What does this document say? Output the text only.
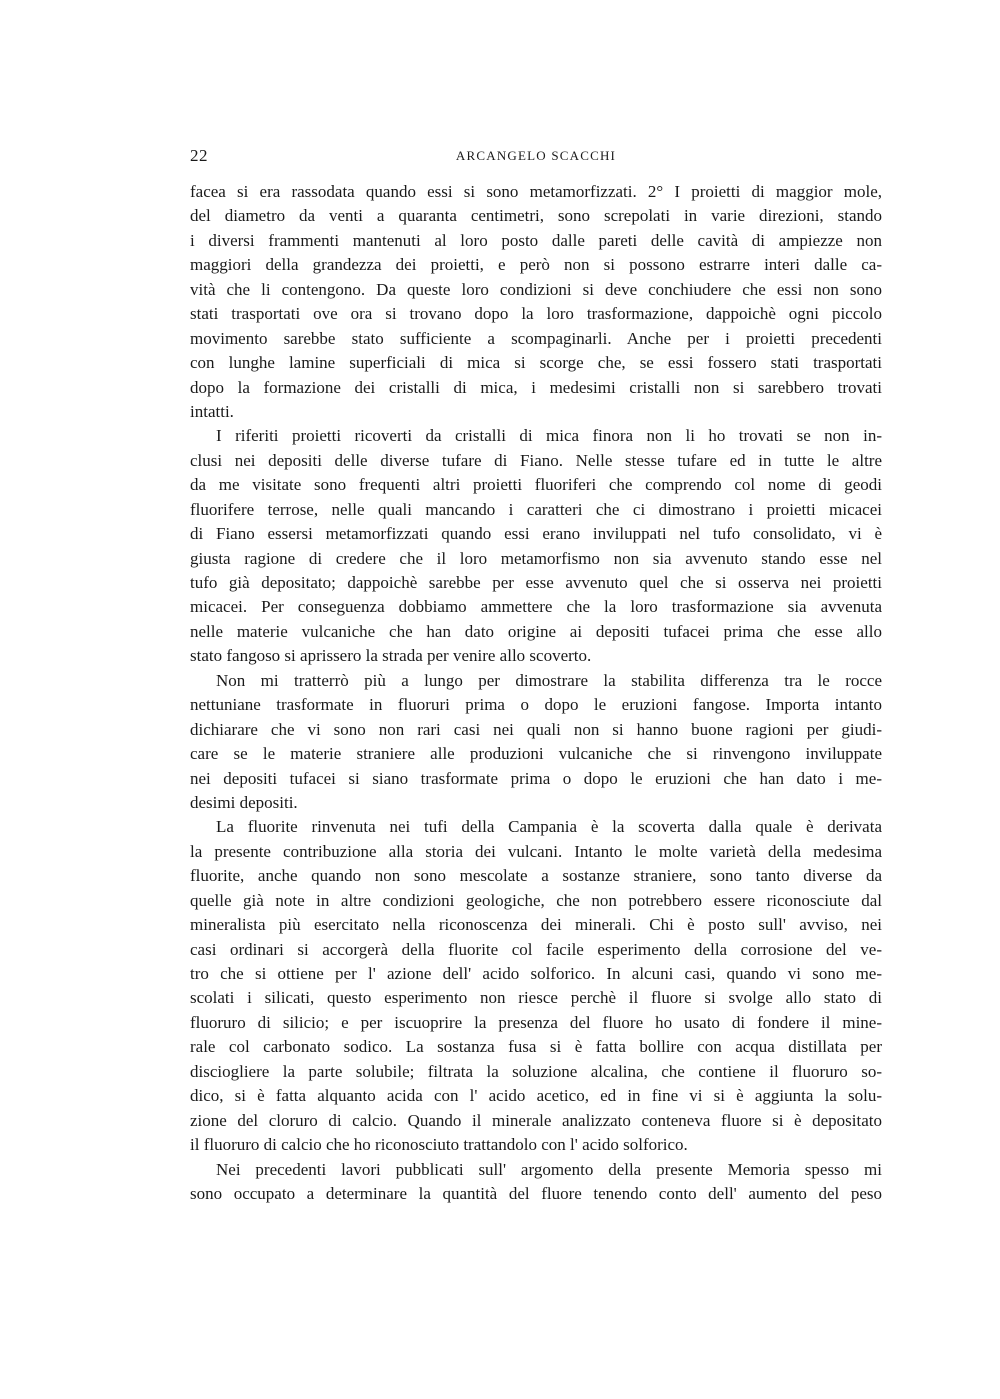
22	ARCANGELO SCACCHI
facea si era rassodata quando essi si sono metamorfizzati. 2° I proietti di maggior mole,
del diametro da venti a quaranta centimetri, sono screpolati in varie direzioni, stando
i diversi frammenti mantenuti al loro posto dalle pareti delle cavità di ampiezze non
maggiori della grandezza dei proietti, e però non si possono estrarre interi dalle ca-
vità che li contengono. Da queste loro condizioni si deve conchiudere che essi non sono
stati trasportati ove ora si trovano dopo la loro trasformazione, dappoichè ogni piccolo
movimento sarebbe stato sufficiente a scompaginarli. Anche per i proietti precedenti
con lunghe lamine superficiali di mica si scorge che, se essi fossero stati trasportati
dopo la formazione dei cristalli di mica, i medesimi cristalli non si sarebbero trovati
intatti.
I riferiti proietti ricoverti da cristalli di mica finora non li ho trovati se non in-
clusi nei depositi delle diverse tufare di Fiano. Nelle stesse tufare ed in tutte le altre
da me visitate sono frequenti altri proietti fluoriferi che comprendo col nome di geodi
fluorifere terrose, nelle quali mancando i caratteri che ci dimostrano i proietti micacei
di Fiano essersi metamorfizzati quando essi erano inviluppati nel tufo consolidato, vi è
giusta ragione di credere che il loro metamorfismo non sia avvenuto stando esse nel
tufo già depositato; dappoichè sarebbe per esse avvenuto quel che si osserva nei proietti
micacei. Per conseguenza dobbiamo ammettere che la loro trasformazione sia avvenuta
nelle materie vulcaniche che han dato origine ai depositi tufacei prima che esse allo
stato fangoso si aprissero la strada per venire allo scoverto.
Non mi tratterrò più a lungo per dimostrare la stabilita differenza tra le rocce
nettuniane trasformate in fluoruri prima o dopo le eruzioni fangose. Importa intanto
dichiarare che vi sono non rari casi nei quali non si hanno buone ragioni per giudi-
care se le materie straniere alle produzioni vulcaniche che si rinvengono inviluppate
nei depositi tufacei si siano trasformate prima o dopo le eruzioni che han dato i me-
desimi depositi.
La fluorite rinvenuta nei tufi della Campania è la scoverta dalla quale è derivata
la presente contribuzione alla storia dei vulcani. Intanto le molte varietà della medesima
fluorite, anche quando non sono mescolate a sostanze straniere, sono tanto diverse da
quelle già note in altre condizioni geologiche, che non potrebbero essere riconosciute dal
mineralista più esercitato nella riconoscenza dei minerali. Chi è posto sull' avviso, nei
casi ordinari si accorgerà della fluorite col facile esperimento della corrosione del ve-
tro che si ottiene per l' azione dell' acido solforico. In alcuni casi, quando vi sono me-
scolati i silicati, questo esperimento non riesce perchè il fluore si svolge allo stato di
fluoruro di silicio; e per iscuoprire la presenza del fluore ho usato di fondere il mine-
rale col carbonato sodico. La sostanza fusa si è fatta bollire con acqua distillata per
disciogliere la parte solubile; filtrata la soluzione alcalina, che contiene il fluoruro so-
dico, si è fatta alquanto acida con l' acido acetico, ed in fine vi si è aggiunta la solu-
zione del cloruro di calcio. Quando il minerale analizzato conteneva fluore si è depositato
il fluoruro di calcio che ho riconosciuto trattandolo con l' acido solforico.
Nei precedenti lavori pubblicati sull' argomento della presente Memoria spesso mi
sono occupato a determinare la quantità del fluore tenendo conto dell' aumento del peso
